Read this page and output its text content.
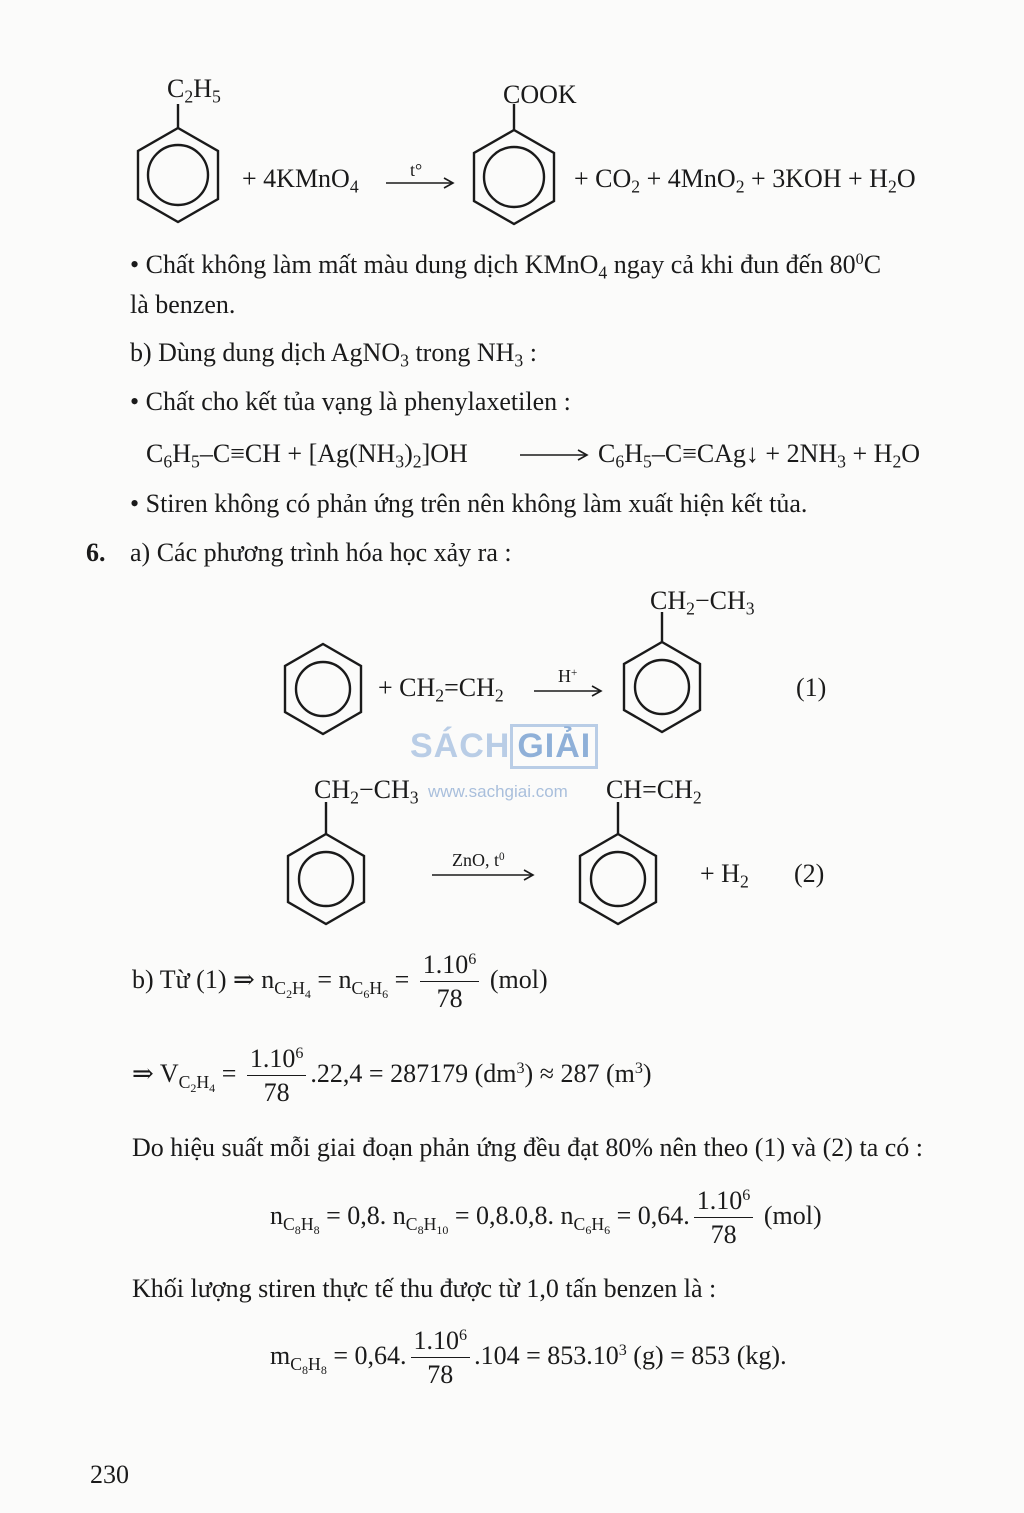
SÁCH GIẢI
www.sachgiai.com
$C_2H_5$
+ 4KMnO$_4$
t°
COOK
+ $CO_2 + 4MnO_2 + 3KOH + H_2O$
• Chất không làm mất màu dung dịch KMnO$_4$ ngay cả khi đun đến $80^0C$
là benzen.
b) Dùng dung dịch AgNO$_3$ trong $NH_3$ :
• Chất cho kết tủa vạng là phenylaxetilen :
$C_6H_5-C\equiv CH + [Ag(NH_3)_2]OH$	$C_6H_5-C\equiv CAg↓ + 2NH_3 + H_2O$
• Stiren không có phản ứng trên nên không làm xuất hiện kết tủa.
6. a) Các phương trình hóa học xảy ra :
+ $CH_2=CH_2$
H+
$CH_2-CH_3$
(1)
$CH_2-CH_3$
ZnO, $t^0$
$CH=CH_2$
+ $H_2$ (2)
b) Từ (1) ⇒ $n_{C_2H_4} = n_{C_6H_6} = \frac{1.10^6}{78} (mol)$
⇒ $V_{C_2H_4} = \frac{1.10^6}{78} .22,4 = 287179$ $(dm^3) \approx 287$ $(m^3)$
Do hiệu suất mỗi giai đoạn phản ứng đều đạt 80% nên theo (1) và (2) ta có :
$n_{C_8H_8} = 0,8$. $n_{C_8H_{10}} = 0,8.0,8$. $n_{C_6H_6} = 0,64$. $\frac{1.10^6}{78} (mol)$
Khối lượng stiren thực tế thu được từ 1,0 tấn benzen là :
$m_{C_8H_8} = 0,64$. $\frac{1.10^6}{78} .104 = 853.10^3$ (g) = 853 (kg).
230
